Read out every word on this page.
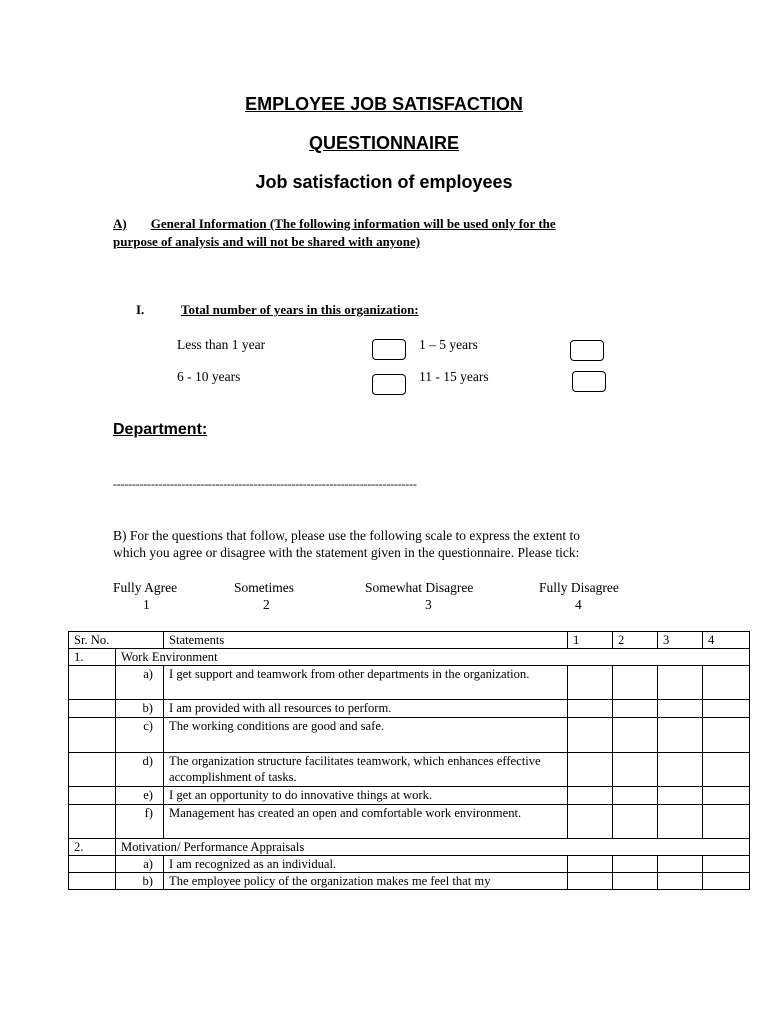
EMPLOYEE JOB SATISFACTION
QUESTIONNAIRE
Job satisfaction of employees
A) General Information (The following information will be used only for the
purpose of analysis and will not be shared with anyone)
I.	Total number of years in this organization:
Less than 1 year	1 – 5 years
6 - 10 years	11 - 15 years
Department:
--------------------------------------------------------------------------------
B) For the questions that follow, please use the following scale to express the extent to
which you agree or disagree with the statement given in the questionnaire. Please tick:
Fully Agree
1
Sometimes
2
Somewhat Disagree
3
Fully Disagree
4
Sr. No.		Statements	1	2	3	4
1.	Work Environment					
	a)	I get support and teamwork from other departments in the organization.				
	b)	I am provided with all resources to perform.				
	c)	The working conditions are good and safe.				
	d)	The organization structure facilitates teamwork, which enhances effective accomplishment of tasks.				
	e)	I get an opportunity to do innovative things at work.				
	f)	Management has created an open and comfortable work environment.				
2.	Motivation/ Performance Appraisals					
	a)	I am recognized as an individual.				
	b)	The employee policy of the organization makes me feel that my				
